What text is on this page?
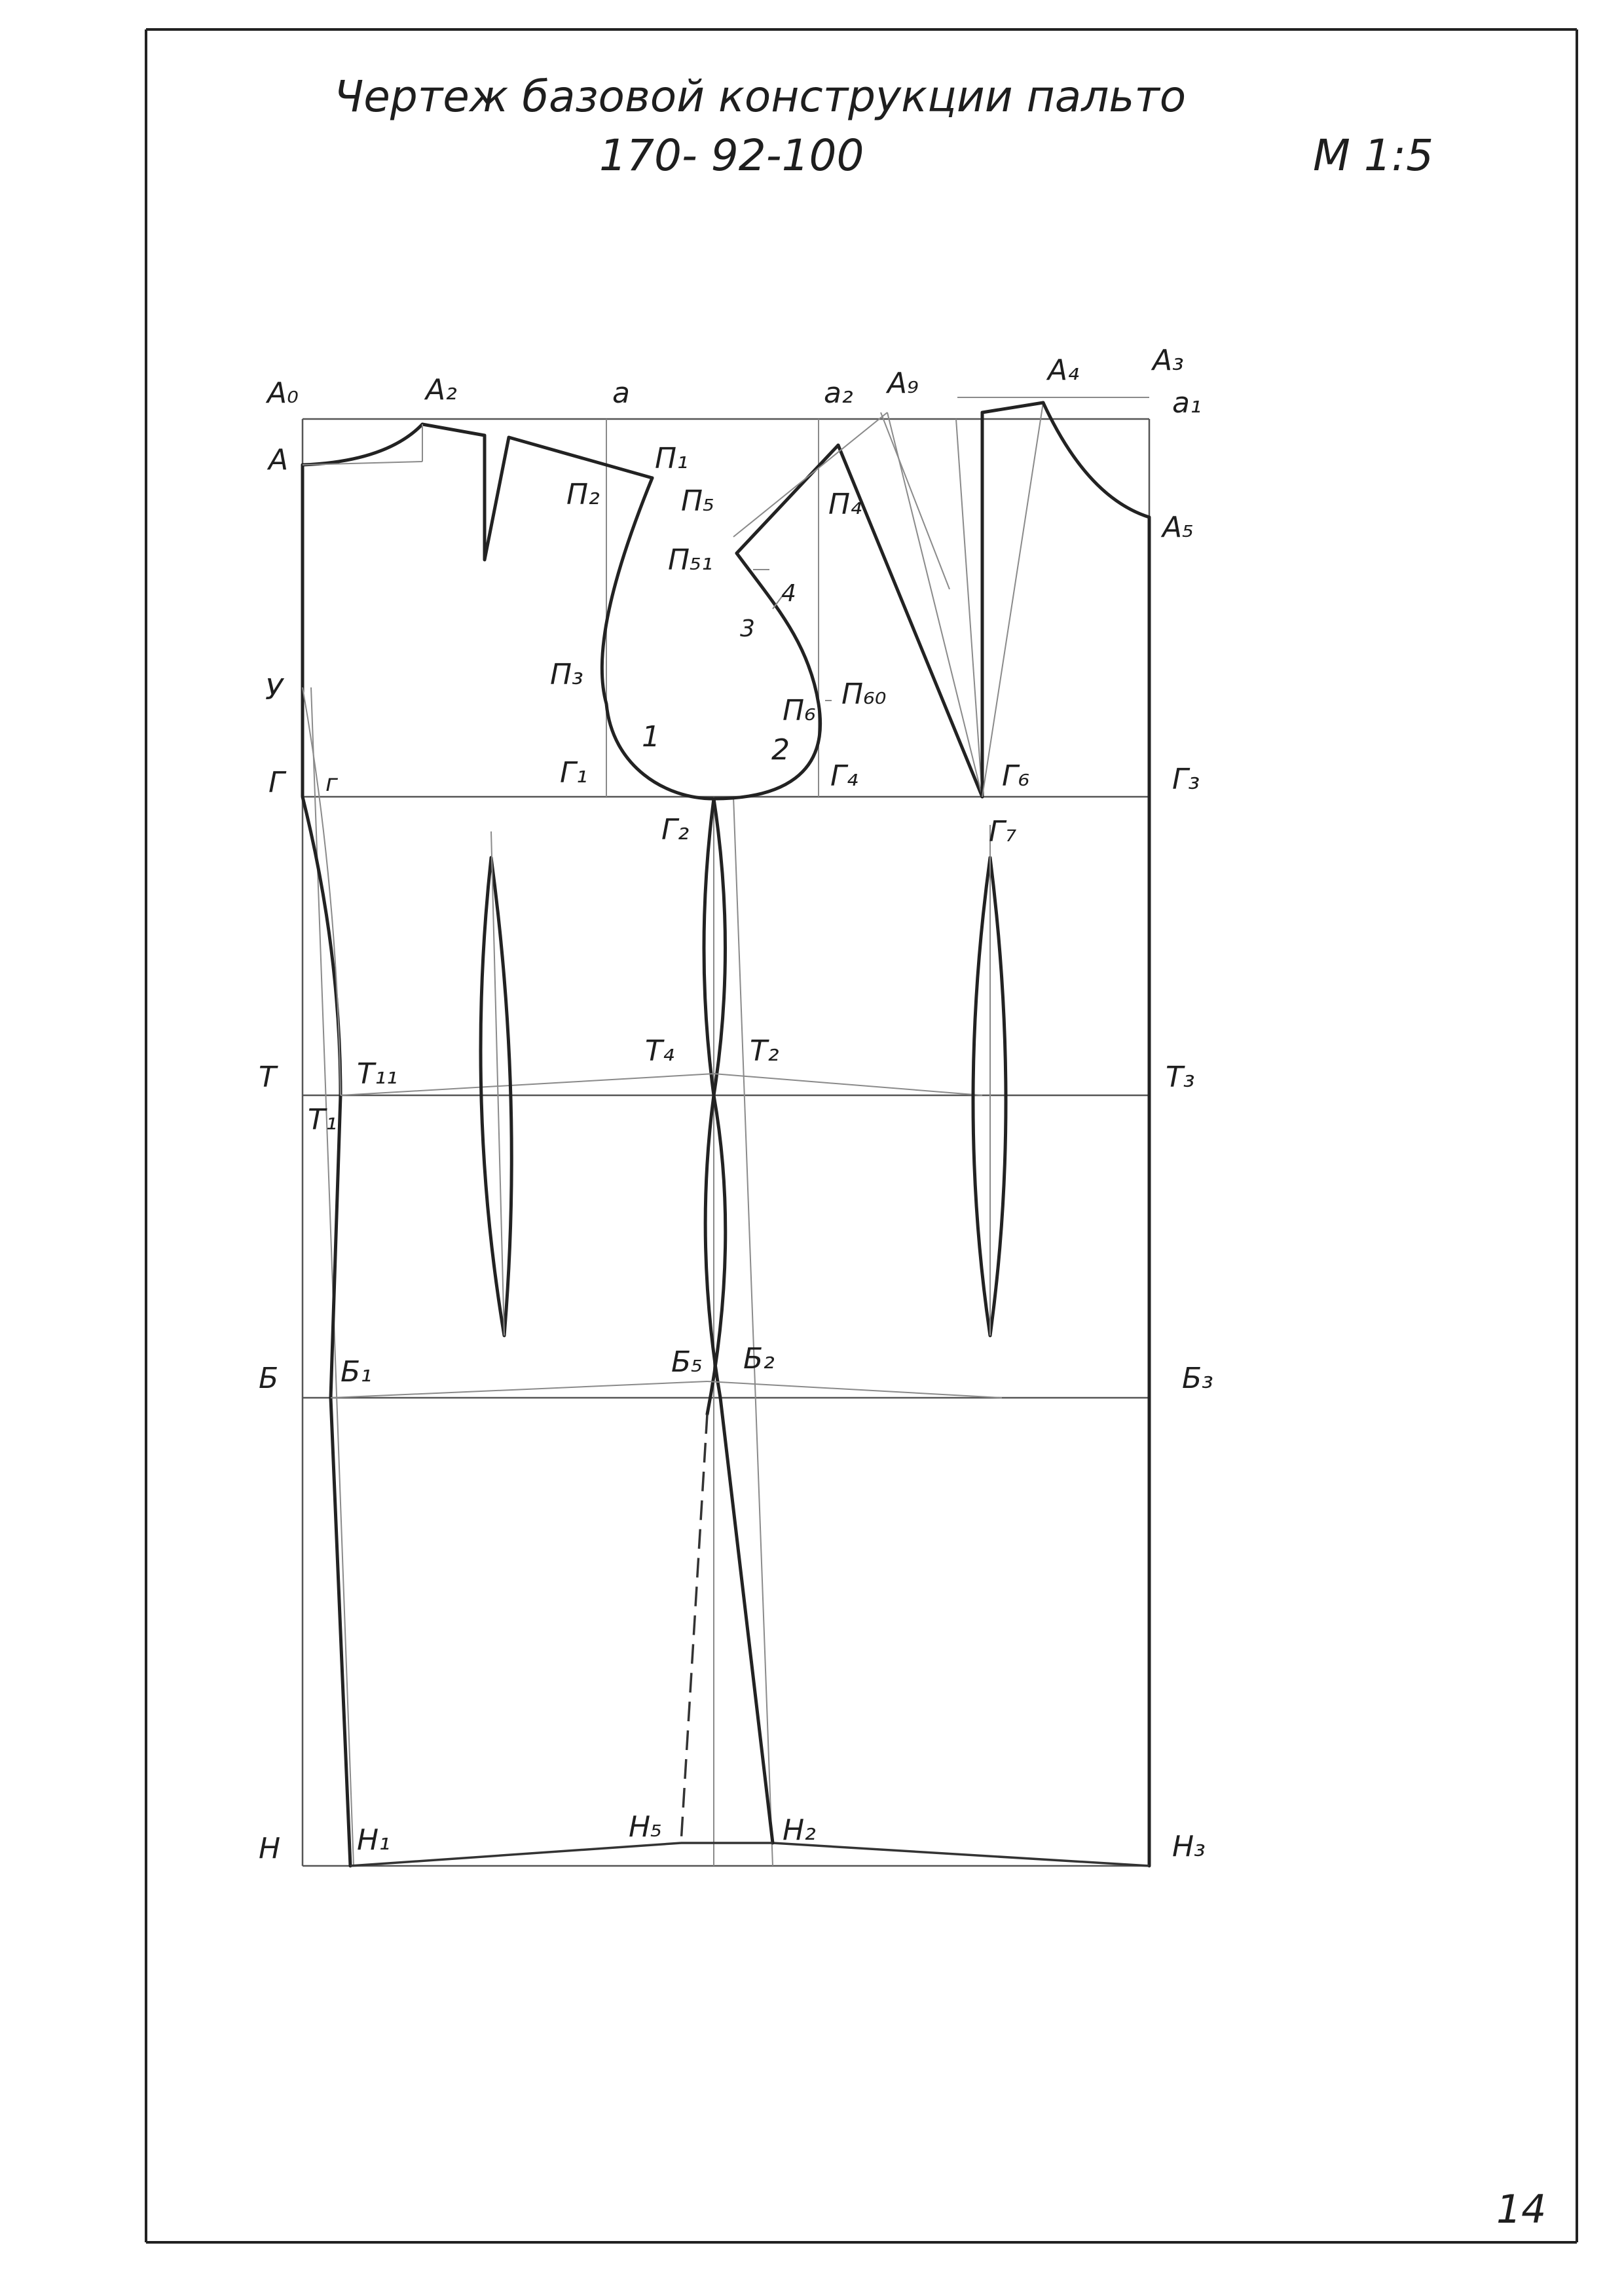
Чертеж базовой конструкции пальто
170- 92-100	М 1:5
А₀	А₂	а	а₂ А₉	А₄	А₃
а₁
А	П₁
П₂	П₅	П₄
П₅₁
А₅
4
3
У	П₃
П₆ П₆₀
1	2
Г г	Г₁	Г₄	Г₆	Г₃
Г₂	Г₇
Т	Т₁₁
Т₄	Т₂
Т₃
Т₁
Б Б₁	Б₅ Б₂
Б₃
Н	Н₁	Н₅	Н₂	Н₃
14
